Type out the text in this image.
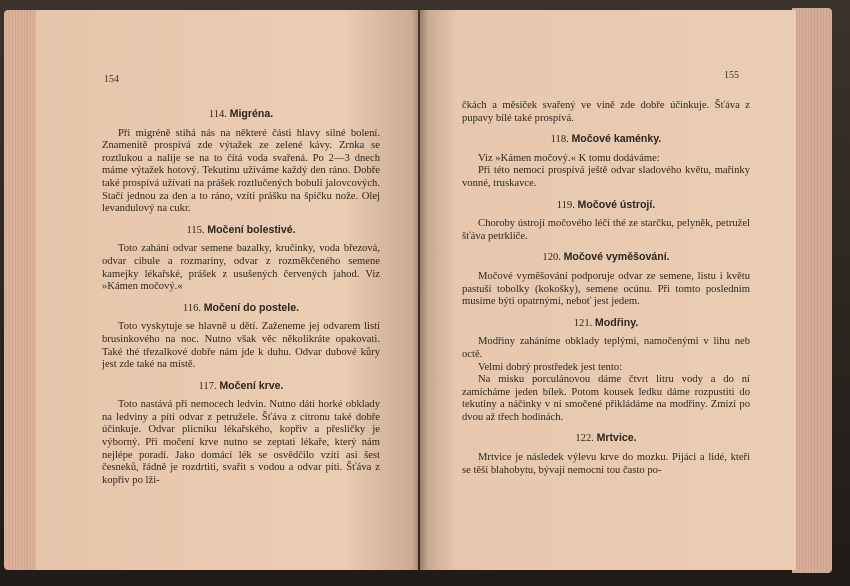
154
114. Migréna.

Při migréně stihá nás na některé části hlavy silné bolení. Znamenitě prospívá zde výtažek ze zelené kávy. Zrnka se roztlukou a nalije se na to čítá voda svařená. Po 2—3 dnech máme výtažek hotový. Tekutinu užíváme každý den ráno. Dobře také prospívá užívati na prášek roztlučených bobulí jalovcových. Stačí jednou za den a to ráno, vzíti prášku na špičku nože. Olej levandulový na cukr.

115. Močení bolestivé.

Toto zahání odvar semene bazalky, kručinky, voda březová, odvar cibule a rozmariny, odvar z rozměkčeného semene kamejky lékařské, prášek z usušených červených jahod. Viz »Kámen močový.«

116. Močení do postele.

Toto vyskytuje se hlavně u dětí. Zaženeme jej odvarem listí brusinkového na noc. Nutno však věc několikráte opakovati. Také thé třezalkové dobře nám jde k duhu. Odvar dubové kůry jest zde také na místě.

117. Močení krve.

Toto nastává při nemocech ledvin. Nutno dáti horké obklady na ledviny a píti odvar z petružele. Šťáva z citronu také dobře účinkuje. Odvar plicníku lékařského, kopřiv a přesličky je výborný. Při močení krve nutno se zeptati lékaře, který nám nejlépe poradí. Jako domácí lék se osvědčilo vzíti asi šest česneků, řádně je rozdrtiti, svařit s vodou a odvar píti. Šťáva z kopřiv po lži-

155

čkách a měsíček svařený ve víně zde dobře účinkuje. Šťáva z pupavy bílé také prospívá.

118. Močové kaménky.

Viz »Kámen močový.« K tomu dodáváme:

Při této nemoci prospívá ještě odvar sladového květu, mařinky vonné, truskavce.

119. Močové ústrojí.

Choroby ústrojí močového léčí thé ze starčku, pelyněk, petružel šťáva petrklíče.

120. Močové vyměšování.

Močové vyměšování podporuje odvar ze semene, listu i květu pastuší tobolky (kokošky), semene ocúnu. Při tomto posledním musíme býti opatrnými, neboť jest jedem.

121. Modřiny.

Modřiny zaháníme obklady teplými, namočenými v lihu neb octě.

Velmi dobrý prostředek jest tento:

Na misku porculánovou dáme čtvrt litru vody a do ní zamícháme jeden bílek. Potom kousek ledku dáme rozpustiti do tekutiny a náčinky v ní smočené přikládáme na modřiny. Zmizí po dvou až třech hodinách.

122. Mrtvice.

Mrtvice je následek výlevu krve do mozku. Pijáci a lidé, kteří se těší blahobytu, bývají nemocni tou často po-
